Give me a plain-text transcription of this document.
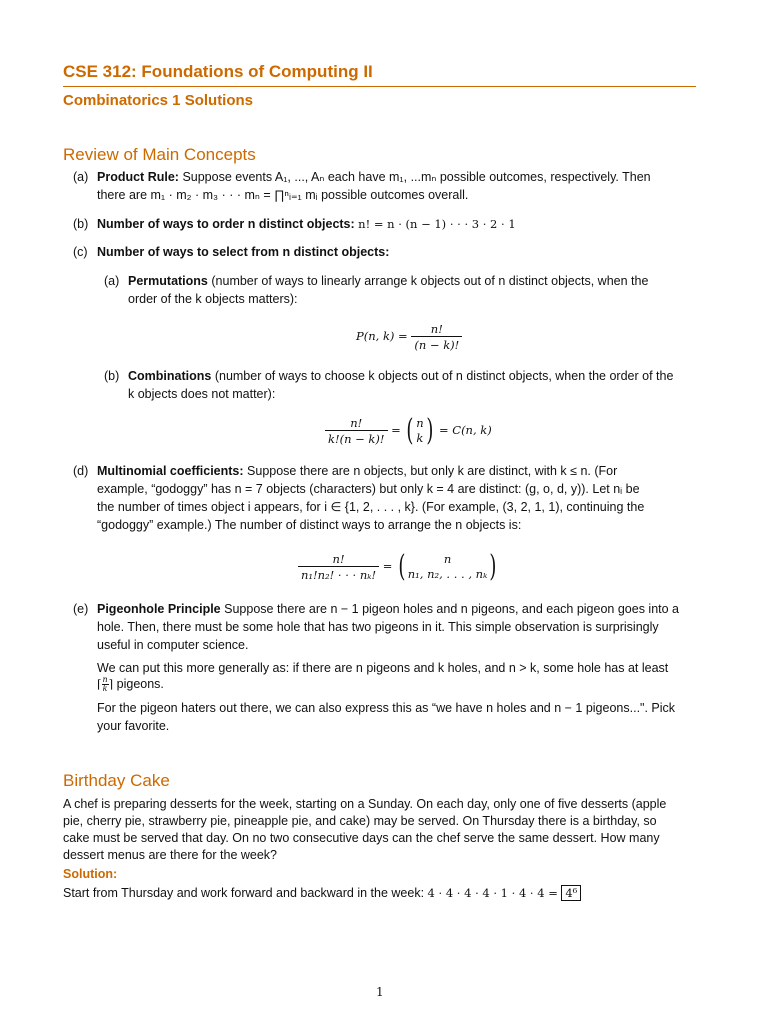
CSE 312: Foundations of Computing II
Combinatorics 1 Solutions
Review of Main Concepts
(a) Product Rule: Suppose events A₁, ..., Aₙ each have m₁, ...mₙ possible outcomes, respectively. Then
there are m₁ · m₂ · m₃ · · · mₙ = ∏ⁿᵢ₌₁ mᵢ possible outcomes overall.
(b) Number of ways to order n distinct objects: n! = n · (n − 1) · · · 3 · 2 · 1
(c) Number of ways to select from n distinct objects:
(a) Permutations (number of ways to linearly arrange k objects out of n distinct objects, when the
order of the k objects matters):
P(n, $k) = \frac{n!}{(n - k)!}$
(b) Combinations (number of ways to choose k objects out of n distinct objects, when the order of the
k objects does not matter):
$\frac{n!}{k!(n - k)!}$ = ( n
k ) = C(n, k)
(d) Multinomial coefficients: Suppose there are n objects, but only k are distinct, with k ≤ n. (For
example, “godoggy” has n = 7 objects (characters) but only k = 4 are distinct: (g, o, d, y)). Let nᵢ be
the number of times object i appears, for i ∈ {1, 2, . . . , k}. (For example, (3, 2, 1, 1), continuing the
“godoggy” example.) The number of distinct ways to arrange the n objects is:
$\frac{n!}{\text{n₁!n₂! · · · nₖ!}}$ = (	n
n₁, n₂, . . . , nₖ )
(e) Pigeonhole Principle Suppose there are n − 1 pigeon holes and n pigeons, and each pigeon goes into a
hole. Then, there must be some hole that has two pigeons in it. This simple observation is surprisingly
useful in computer science.
We can put this more generally as: if there are n pigeons and k holes, and n > k, some hole has at least
⌈ $\frac{n}{k}$ ⌉ pigeons.
For the pigeon haters out there, we can also express this as “we have n holes and n − 1 pigeons...". Pick
your favorite.
Birthday Cake
A chef is preparing desserts for the week, starting on a Sunday. On each day, only one of five desserts (apple
pie, cherry pie, strawberry pie, pineapple pie, and cake) may be served. On Thursday there is a birthday, so
cake must be served that day. On no two consecutive days can the chef serve the same dessert. How many
dessert menus are there for the week?
Solution:
Start from Thursday and work forward and backward in the week: 4 · 4 · 4 · 4 · 1 · 4 · 4 = 4⁶
1
